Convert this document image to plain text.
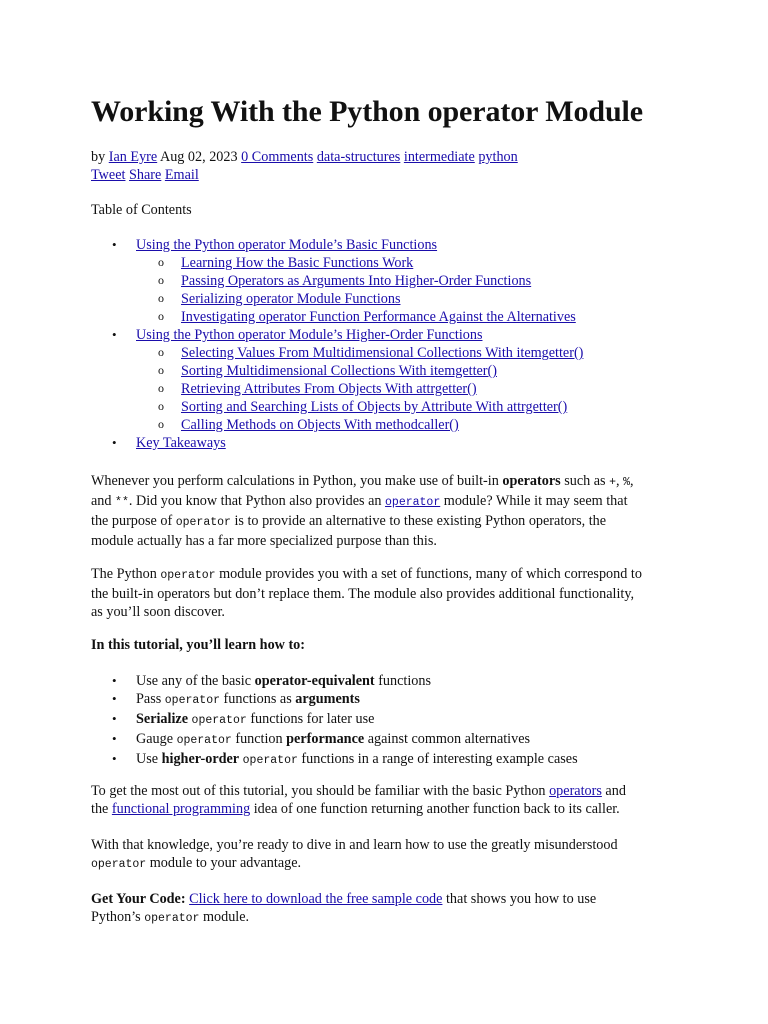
Working With the Python operator Module
by Ian Eyre Aug 02, 2023 0 Comments data-structures intermediate python
Tweet Share Email
Table of Contents
• Using the Python operator Module’s Basic Functions
o Learning How the Basic Functions Work
o Passing Operators as Arguments Into Higher-Order Functions
o Serializing operator Module Functions
o Investigating operator Function Performance Against the Alternatives
• Using the Python operator Module’s Higher-Order Functions
o Selecting Values From Multidimensional Collections With itemgetter()
o Sorting Multidimensional Collections With itemgetter()
o Retrieving Attributes From Objects With attrgetter()
o Sorting and Searching Lists of Objects by Attribute With attrgetter()
o Calling Methods on Objects With methodcaller()
• Key Takeaways
Whenever you perform calculations in Python, you make use of built-in operators such as +, %,
and **. Did you know that Python also provides an operator module? While it may seem that
the purpose of operator is to provide an alternative to these existing Python operators, the
module actually has a far more specialized purpose than this.
The Python operator module provides you with a set of functions, many of which correspond to
the built-in operators but don’t replace them. The module also provides additional functionality,
as you’ll soon discover.
In this tutorial, you’ll learn how to:
• Use any of the basic operator-equivalent functions
• Pass operator functions as arguments
• Serialize operator functions for later use
• Gauge operator function performance against common alternatives
• Use higher-order operator functions in a range of interesting example cases
To get the most out of this tutorial, you should be familiar with the basic Python operators and
the functional programming idea of one function returning another function back to its caller.
With that knowledge, you’re ready to dive in and learn how to use the greatly misunderstood
operator module to your advantage.
Get Your Code: Click here to download the free sample code that shows you how to use
Python’s operator module.
